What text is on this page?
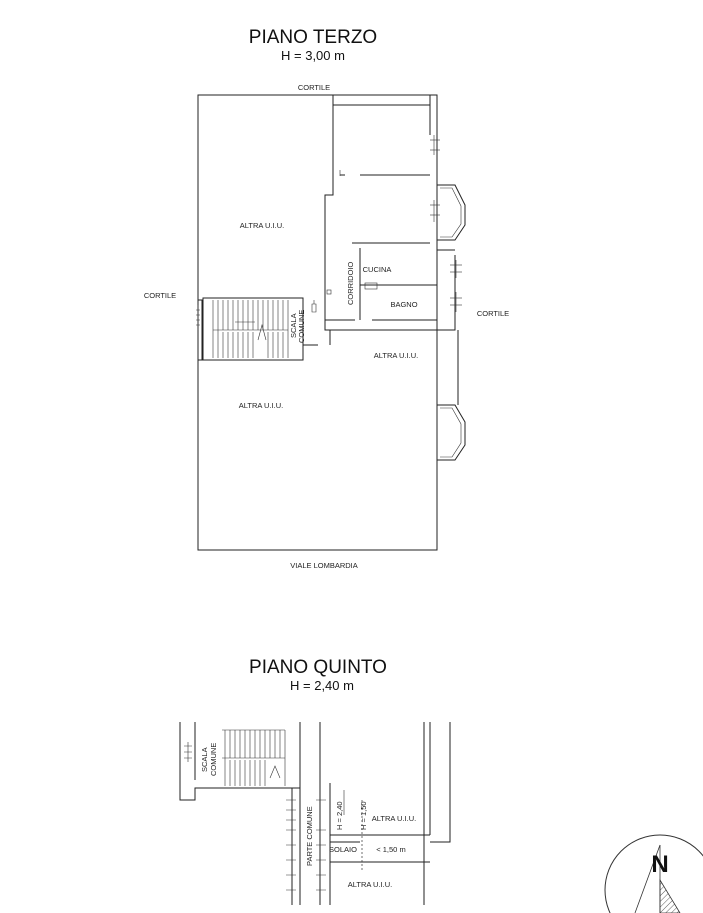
PIANO TERZO
H = 3,00 m
CORTILE
CORTILE
CORTILE
ALTRA U.I.U.
ALTRA U.I.U.
ALTRA U.I.U.
CORRIDOIO CUCINA
BAGNO
SCALA COMUNE
VIALE LOMBARDIA
PIANO QUINTO
H = 2,40 m
SCALA COMUNE
PARTE COMUNE	H = 2,40 H = 1,50 ALTRA U.I.U.
SOLAIO	< 1,50 m
ALTRA U.I.U.
N
